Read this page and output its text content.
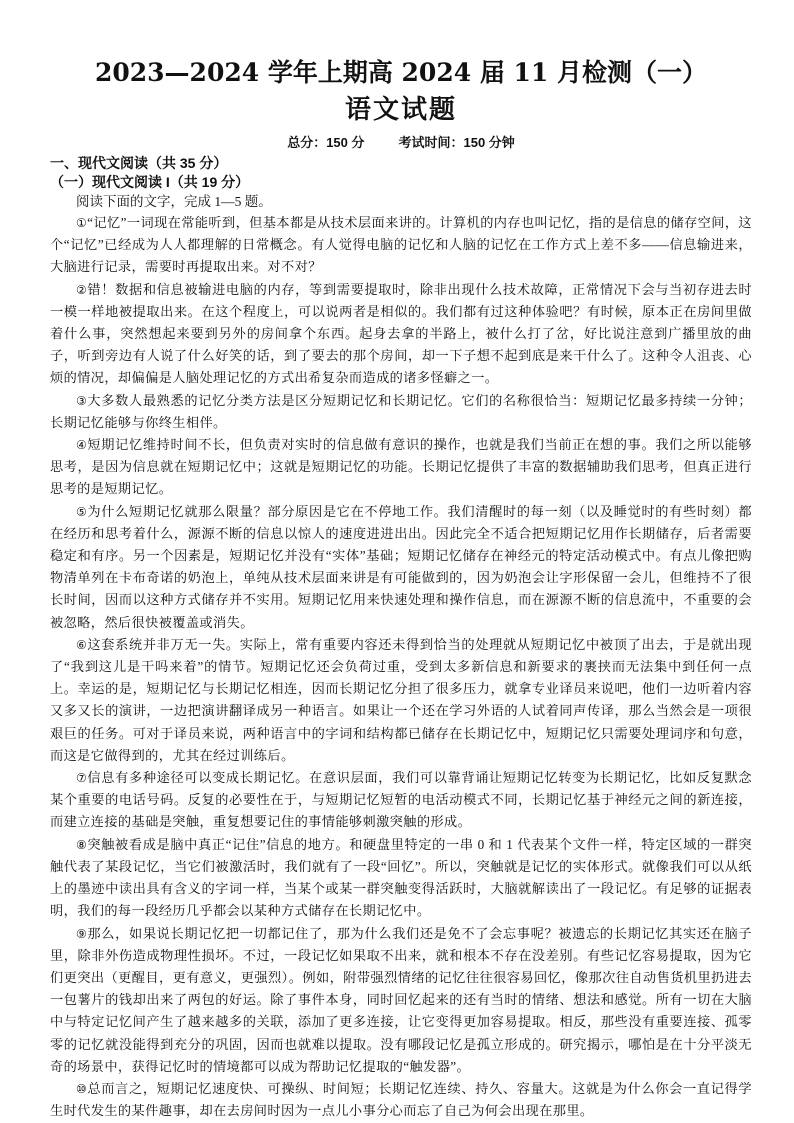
2023—2024 学年上期高 2024 届 11 月检测（一）
语文试题
总分：150 分	考试时间：150 分钟

一、现代文阅读（共 35 分）

（一）现代文阅读 I（共 19 分）

阅读下面的文字，完成 1—5 题。

①“记忆”一词现在常能听到，但基本都是从技术层面来讲的。计算机的内存也叫记忆，指的是信息的储存空间，这个“记忆”已经成为人人都理解的日常概念。有人觉得电脑的记忆和人脑的记忆在工作方式上差不多——信息输进来，大脑进行记录，需要时再提取出来。对不对？

②错！数据和信息被输进电脑的内存，等到需要提取时，除非出现什么技术故障，正常情况下会与当初存进去时一模一样地被提取出来。在这个程度上，可以说两者是相似的。我们都有过这种体验吧？有时候，原本正在房间里做着什么事，突然想起来要到另外的房间拿个东西。起身去拿的半路上，被什么打了岔，好比说注意到广播里放的曲子，听到旁边有人说了什么好笑的话，到了要去的那个房间，却一下子想不起到底是来干什么了。这种令人沮丧、心烦的情况，却偏偏是人脑处理记忆的方式出希复杂而造成的诸多怪癖之一。

③大多数人最熟悉的记忆分类方法是区分短期记忆和长期记忆。它们的名称很恰当：短期记忆最多持续一分钟；长期记忆能够与你终生相伴。

④短期记忆维持时间不长，但负责对实时的信息做有意识的操作，也就是我们当前正在想的事。我们之所以能够思考，是因为信息就在短期记忆中；这就是短期记忆的功能。长期记忆提供了丰富的数据辅助我们思考，但真正进行思考的是短期记忆。

⑤为什么短期记忆就那么限量？部分原因是它在不停地工作。我们清醒时的每一刻（以及睡觉时的有些时刻）都在经历和思考着什么，源源不断的信息以惊人的速度进进出出。因此完全不适合把短期记忆用作长期储存，后者需要稳定和有序。另一个因素是，短期记忆并没有“实体”基础；短期记忆储存在神经元的特定活动模式中。有点儿像把购物清单列在卡布奇诺的奶泡上，单纯从技术层面来讲是有可能做到的，因为奶泡会让字形保留一会儿，但维持不了很长时间，因而以这种方式储存并不实用。短期记忆用来快速处理和操作信息，而在源源不断的信息流中，不重要的会被忽略，然后很快被覆盖或消失。

⑥这套系统并非万无一失。实际上，常有重要内容还未得到恰当的处理就从短期记忆中被顶了出去，于是就出现了“我到这儿是干吗来着”的情节。短期记忆还会负荷过重，受到太多新信息和新要求的裹挟而无法集中到任何一点上。幸运的是，短期记忆与长期记忆相连，因而长期记忆分担了很多压力，就拿专业译员来说吧，他们一边听着内容又多又长的演讲，一边把演讲翻译成另一种语言。如果让一个还在学习外语的人试着同声传译，那么当然会是一项很艰巨的任务。可对于译员来说，两种语言中的字词和结构都已储存在长期记忆中，短期记忆只需要处理词序和句意，而这是它做得到的，尤其在经过训练后。

⑦信息有多种途径可以变成长期记忆。在意识层面，我们可以靠背诵让短期记忆转变为长期记忆，比如反复默念某个重要的电话号码。反复的必要性在于，与短期记忆短暂的电活动模式不同，长期记忆基于神经元之间的新连接，而建立连接的基础是突触，重复想要记住的事情能够刺激突触的形成。

⑧突触被看成是脑中真正“记住”信息的地方。和硬盘里特定的一串 0 和 1 代表某个文件一样，特定区域的一群突触代表了某段记忆，当它们被激活时，我们就有了一段“回忆”。所以，突触就是记忆的实体形式。就像我们可以从纸上的墨迹中读出具有含义的字词一样，当某个或某一群突触变得活跃时，大脑就解读出了一段记忆。有足够的证据表明，我们的每一段经历几乎都会以某种方式储存在长期记忆中。

⑨那么，如果说长期记忆把一切都记住了，那为什么我们还是免不了会忘事呢？被遗忘的长期记忆其实还在脑子里，除非外伤造成物理性损坏。不过，一段记忆如果取不出来，就和根本不存在没差别。有些记忆容易提取，因为它们更突出（更醒目，更有意义，更强烈）。例如，附带强烈情绪的记忆往往很容易回忆，像那次往自动售货机里扔进去一包薯片的钱却出来了两包的好运。除了事件本身，同时回忆起来的还有当时的情绪、想法和感觉。所有一切在大脑中与特定记忆间产生了越来越多的关联，添加了更多连接，让它变得更加容易提取。相反，那些没有重要连接、孤零零的记忆就没能得到充分的巩固，因而也就难以提取。没有哪段记忆是孤立形成的。研究揭示，哪怕是在十分平淡无奇的场景中，获得记忆时的情境都可以成为帮助记忆提取的“触发器”。

⑩总而言之，短期记忆速度快、可操纵、时间短；长期记忆连续、持久、容量大。这就是为什么你会一直记得学生时代发生的某件趣事，却在去房间时因为一点儿小事分心而忘了自己为何会出现在那里。
